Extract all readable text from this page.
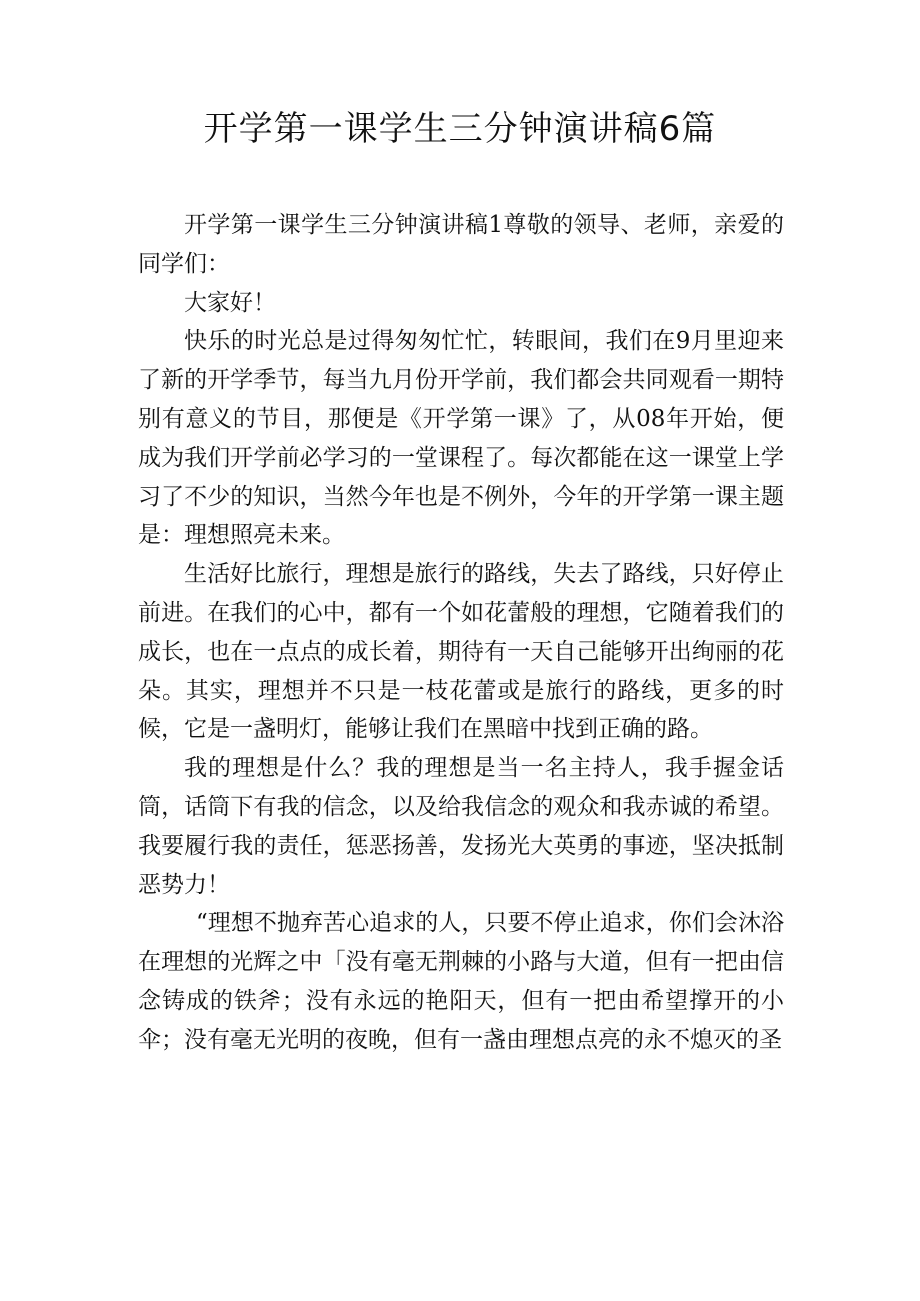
开学第一课学生三分钟演讲稿6篇

开学第一课学生三分钟演讲稿1尊敬的领导、老师，亲爱的同学们：

大家好！

快乐的时光总是过得匆匆忙忙，转眼间，我们在9月里迎来了新的开学季节，每当九月份开学前，我们都会共同观看一期特别有意义的节目，那便是《开学第一课》了，从08年开始，便成为我们开学前必学习的一堂课程了。每次都能在这一课堂上学习了不少的知识，当然今年也是不例外，今年的开学第一课主题是：理想照亮未来。

生活好比旅行，理想是旅行的路线，失去了路线，只好停止前进。在我们的心中，都有一个如花蕾般的理想，它随着我们的成长，也在一点点的成长着，期待有一天自己能够开出绚丽的花朵。其实，理想并不只是一枝花蕾或是旅行的路线，更多的时候，它是一盏明灯，能够让我们在黑暗中找到正确的路。

我的理想是什么？我的理想是当一名主持人，我手握金话筒，话筒下有我的信念，以及给我信念的观众和我赤诚的希望。我要履行我的责任，惩恶扬善，发扬光大英勇的事迹，坚决抵制恶势力！

“理想不抛弃苦心追求的人，只要不停止追求，你们会沐浴在理想的光辉之中「没有毫无荆棘的小路与大道，但有一把由信念铸成的铁斧；没有永远的艳阳天，但有一把由希望撑开的小伞；没有毫无光明的夜晚，但有一盏由理想点亮的永不熄灭的圣
